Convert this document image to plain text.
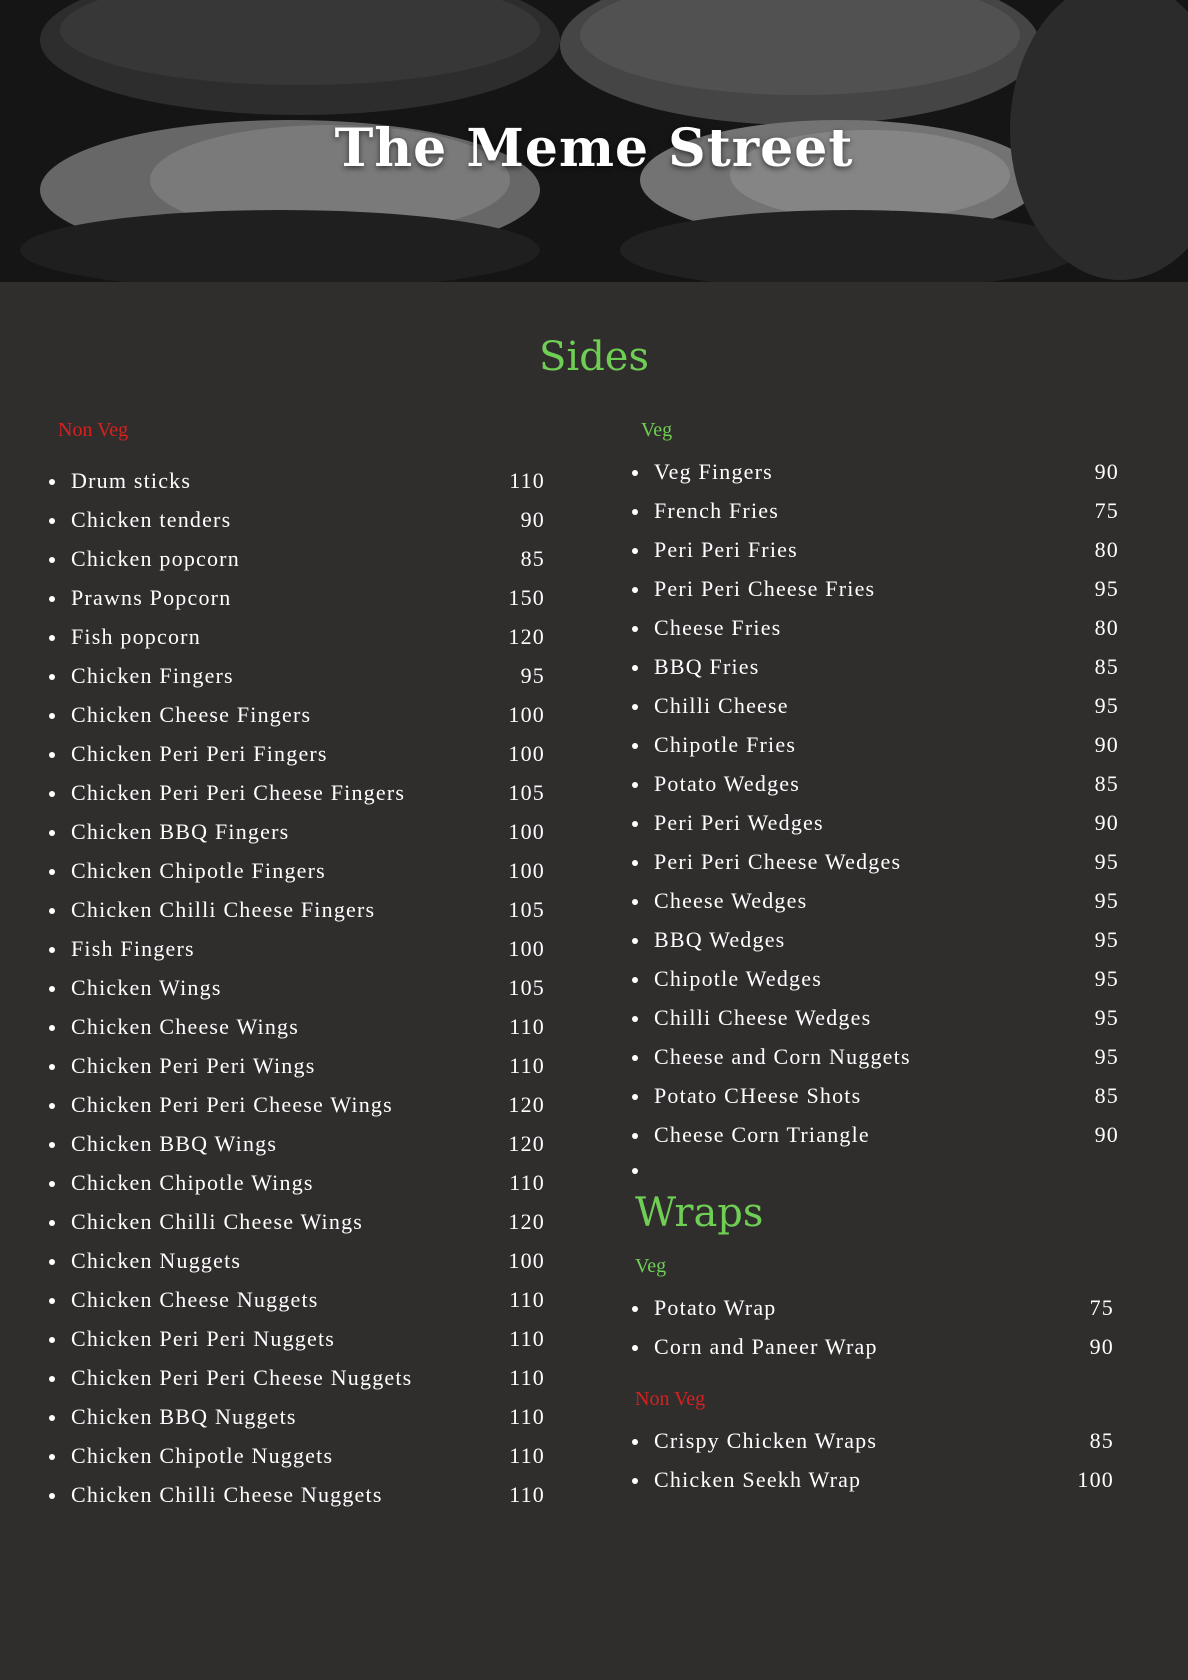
The Meme Street
Sides
Non Veg	Veg
Drum sticks	110
Chicken tenders	90
Chicken popcorn	85
Prawns Popcorn	150
Fish popcorn	120
Chicken Fingers	95
Chicken Cheese Fingers	100
Chicken Peri Peri Fingers	100
Chicken Peri Peri Cheese Fingers	105
Chicken BBQ Fingers	100
Chicken Chipotle Fingers	100
Chicken Chilli Cheese Fingers	105
Fish Fingers	100
Chicken Wings	105
Chicken Cheese Wings	110
Chicken Peri Peri Wings	110
Chicken Peri Peri Cheese Wings	120
Chicken BBQ Wings	120
Chicken Chipotle Wings	110
Chicken Chilli Cheese Wings	120
Chicken Nuggets	100
Chicken Cheese Nuggets	110
Chicken Peri Peri Nuggets	110
Chicken Peri Peri Cheese Nuggets	110
Chicken BBQ Nuggets	110
Chicken Chipotle Nuggets	110
Chicken Chilli Cheese Nuggets	110
Veg Fingers	90
French Fries	75
Peri Peri Fries	80
Peri Peri Cheese Fries	95
Cheese Fries	80
BBQ Fries	85
Chilli Cheese	95
Chipotle Fries	90
Potato Wedges	85
Peri Peri Wedges	90
Peri Peri Cheese Wedges	95
Cheese Wedges	95
BBQ Wedges	95
Chipotle Wedges	95
Chilli Cheese Wedges	95
Cheese and Corn Nuggets	95
Potato CHeese Shots	85
Cheese Corn Triangle	90
Wraps
Veg
Potato Wrap	75
Corn and Paneer Wrap	90
Non Veg
Crispy Chicken Wraps	85
Chicken Seekh Wrap	100
